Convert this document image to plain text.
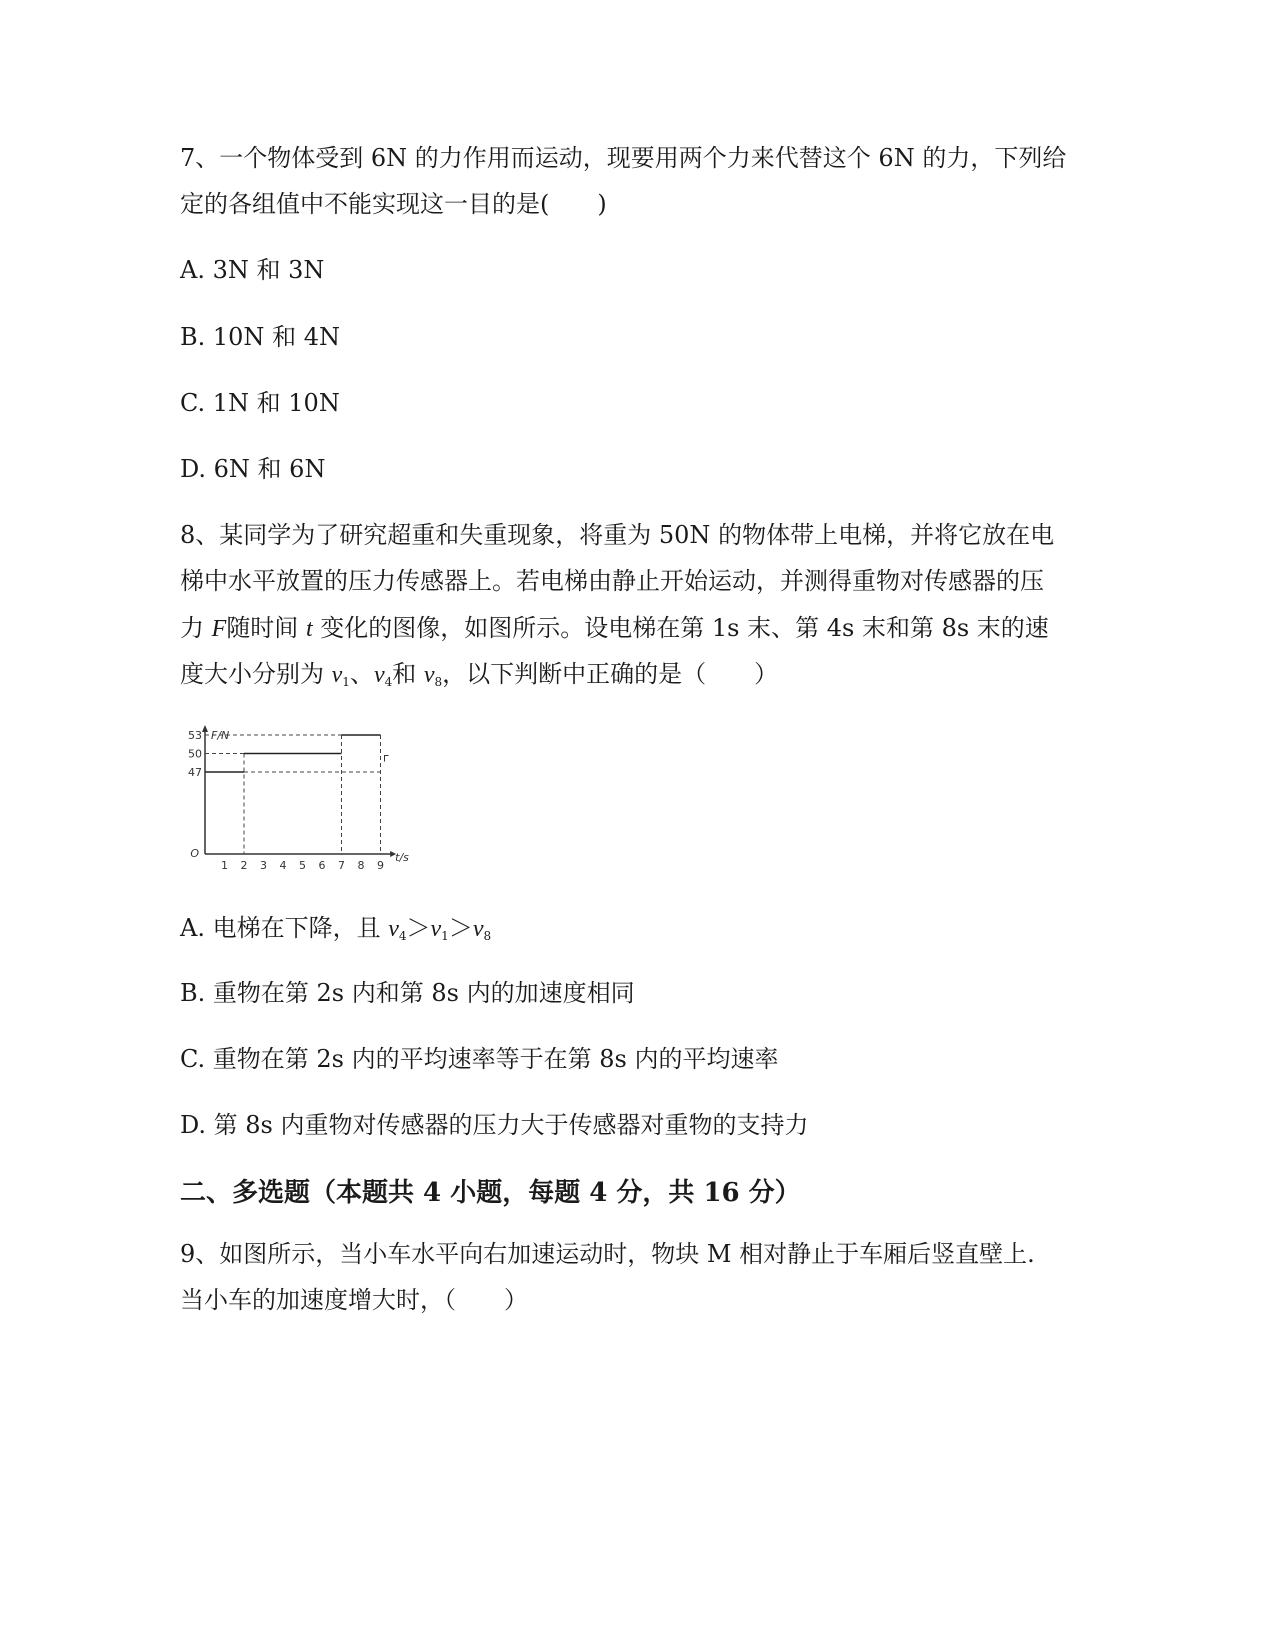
7、一个物体受到 6N 的力作用而运动，现要用两个力来代替这个 6N 的力，下列给
定的各组值中不能实现这一目的是(　　)
A. 3N 和 3N
B. 10N 和 4N
C. 1N 和 10N
D. 6N 和 6N
8、某同学为了研究超重和失重现象，将重为 50N 的物体带上电梯，并将它放在电
梯中水平放置的压力传感器上。若电梯由静止开始运动，并测得重物对传感器的压
力 F随时间 t 变化的图像，如图所示。设电梯在第 1s 末、第 4s 末和第 8s 末的速
度大小分别为 $v_1$、$v_4$和 $v_8$，以下判断中正确的是（　　）
53
50
47
1 2 3 4 5 6 7 8 9
F/N
t/s
O
A. 电梯在下降，且 $v_4>v_1>v_8$
B. 重物在第 2s 内和第 8s 内的加速度相同
C. 重物在第 2s 内的平均速率等于在第 8s 内的平均速率
D. 第 8s 内重物对传感器的压力大于传感器对重物的支持力
二、多选题（本题共 4 小题，每题 4 分，共 16 分）
9、如图所示，当小车水平向右加速运动时，物块 M 相对静止于车厢后竖直壁上.
当小车的加速度增大时，（　　）
